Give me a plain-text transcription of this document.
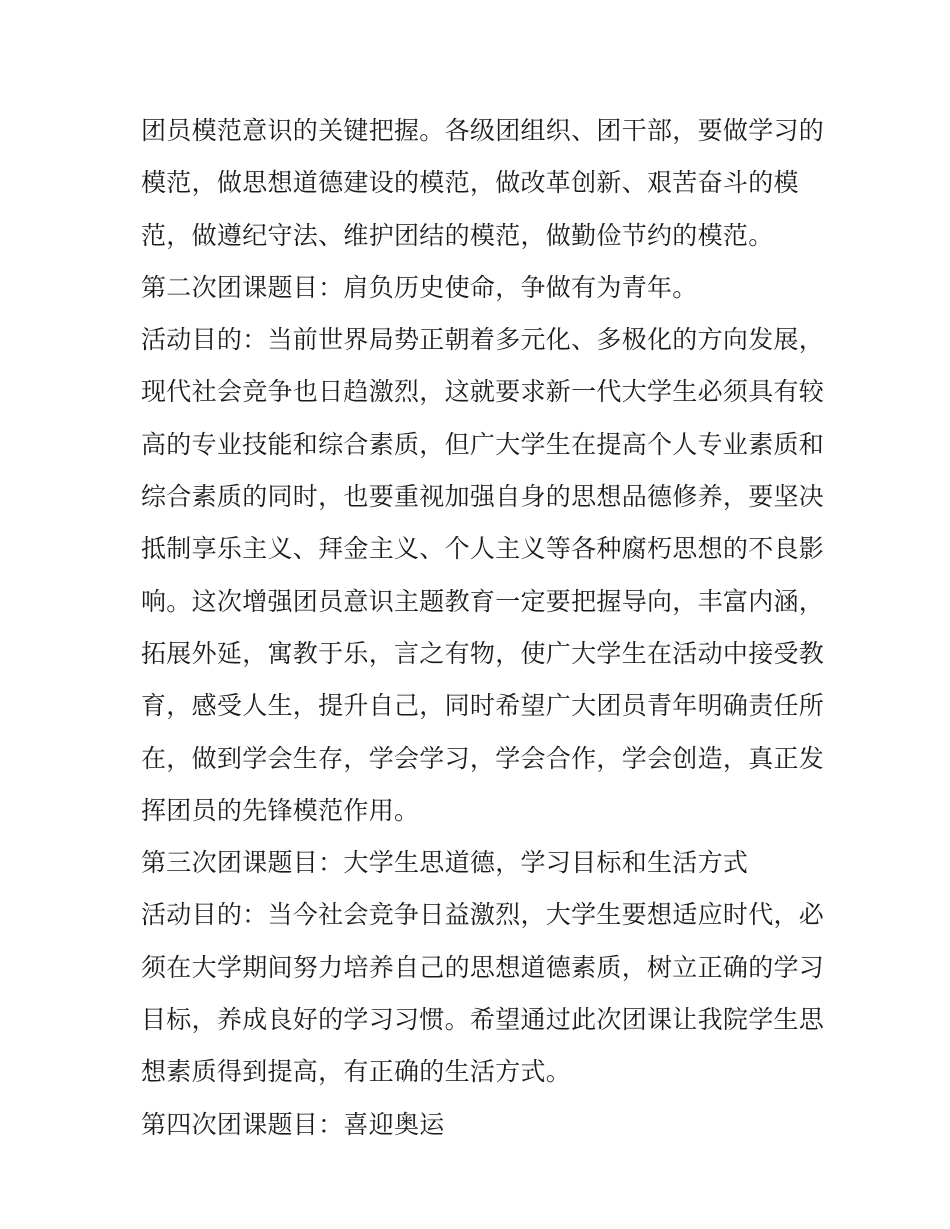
团员模范意识的关键把握。各级团组织、团干部，要做学习的
模范，做思想道德建设的模范，做改革创新、艰苦奋斗的模
范，做遵纪守法、维护团结的模范，做勤俭节约的模范。
第二次团课题目：肩负历史使命，争做有为青年。
活动目的：当前世界局势正朝着多元化、多极化的方向发展，
现代社会竞争也日趋激烈，这就要求新一代大学生必须具有较
高的专业技能和综合素质，但广大学生在提高个人专业素质和
综合素质的同时，也要重视加强自身的思想品德修养，要坚决
抵制享乐主义、拜金主义、个人主义等各种腐朽思想的不良影
响。这次增强团员意识主题教育一定要把握导向，丰富内涵，
拓展外延，寓教于乐，言之有物，使广大学生在活动中接受教
育，感受人生，提升自己，同时希望广大团员青年明确责任所
在，做到学会生存，学会学习，学会合作，学会创造，真正发
挥团员的先锋模范作用。
第三次团课题目：大学生思道德，学习目标和生活方式
活动目的：当今社会竞争日益激烈，大学生要想适应时代，必
须在大学期间努力培养自己的思想道德素质，树立正确的学习
目标，养成良好的学习习惯。希望通过此次团课让我院学生思
想素质得到提高，有正确的生活方式。
第四次团课题目：喜迎奥运
